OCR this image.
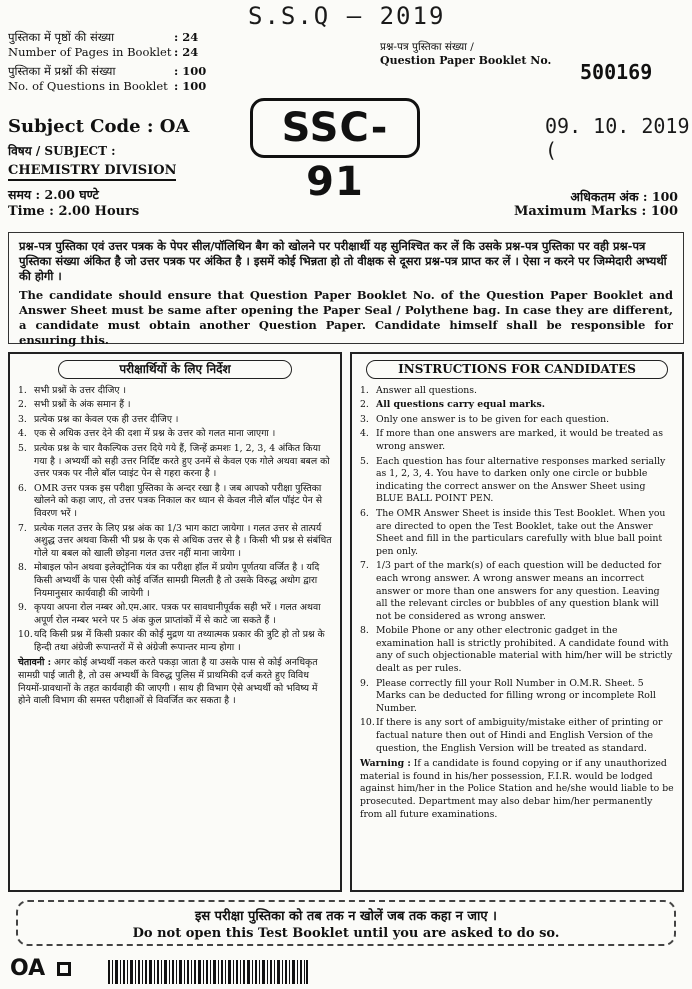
S.S.Q – 2019
09. 10. 2019 (
पुस्तिका में पृष्ठों की संख्या	: 24
Number of Pages in Booklet : 24
पुस्तिका में प्रश्नों की संख्या	: 100
No. of Questions in Booklet : 100
प्रश्न-पत्र पुस्तिका संख्या /
Question Paper Booklet No. 500169
Subject Code : OA
विषय / SUBJECT :
CHEMISTRY DIVISION
समय : 2.00 घण्टे
Time : 2.00 Hours
अधिकतम अंक : 100
Maximum Marks : 100
SSC-91
प्रश्न-पत्र पुस्तिका एवं उत्तर पत्रक के पेपर सील/पॉलिथिन बैग को खोलने पर परीक्षार्थी यह सुनिश्चित कर लें कि उसके प्रश्न-पत्र पुस्तिका पर वही प्रश्न-पत्र पुस्तिका संख्या अंकित है जो उत्तर पत्रक पर अंकित है । इसमें कोई भिन्नता हो तो वीक्षक से दूसरा प्रश्न-पत्र प्राप्त कर लें । ऐसा न करने पर जिम्मेदारी अभ्यर्थी की होगी ।
The candidate should ensure that Question Paper Booklet No. of the Question Paper Booklet and Answer Sheet must be same after opening the Paper Seal / Polythene bag. In case they are different, a candidate must obtain another Question Paper. Candidate himself shall be responsible for ensuring this.
परीक्षार्थियों के लिए निर्देश
1. सभी प्रश्नों के उत्तर दीजिए ।
2. सभी प्रश्नों के अंक समान हैं ।
3. प्रत्येक प्रश्न का केवल एक ही उत्तर दीजिए ।
4. एक से अधिक उत्तर देने की दशा में प्रश्न के उत्तर को गलत माना जाएगा ।
5. प्रत्येक प्रश्न के चार वैकल्पिक उत्तर दिये गये हैं, जिन्हें क्रमशः 1, 2, 3, 4 अंकित किया गया है । अभ्यर्थी को सही उत्तर निर्दिष्ट करते हुए उनमें से केवल एक गोले अथवा बबल को उत्तर पत्रक पर नीले बॉल प्वाइंट पेन से गहरा करना है ।
6. OMR उत्तर पत्रक इस परीक्षा पुस्तिका के अन्दर रखा है । जब आपको परीक्षा पुस्तिका खोलने को कहा जाए, तो उत्तर पत्रक निकाल कर ध्यान से केवल नीले बॉल पॉइंट पेन से विवरण भरें ।
7. प्रत्येक गलत उत्तर के लिए प्रश्न अंक का 1/3 भाग काटा जायेगा । गलत उत्तर से तात्पर्य अशुद्ध उत्तर अथवा किसी भी प्रश्न के एक से अधिक उत्तर से है । किसी भी प्रश्न से संबंधित गोले या बबल को खाली छोड़ना गलत उत्तर नहीं माना जायेगा ।
8. मोबाइल फोन अथवा इलेक्ट्रोनिक यंत्र का परीक्षा हॉल में प्रयोग पूर्णतया वर्जित है । यदि किसी अभ्यर्थी के पास ऐसी कोई वर्जित सामग्री मिलती है तो उसके विरुद्ध अधोग द्वारा नियमानुसार कार्यवाही की जायेगी ।
9. कृपया अपना रोल नम्बर ओ.एम.आर. पत्रक पर सावधानीपूर्वक सही भरें । गलत अथवा अपूर्ण रोल नम्बर भरने पर 5 अंक कुल प्राप्तांकों में से काटे जा सकते हैं ।
10. यदि किसी प्रश्न में किसी प्रकार की कोई मुद्रण या तथ्यात्मक प्रकार की त्रुटि हो तो प्रश्न के हिन्दी तथा अंग्रेजी रूपान्तरों में से अंग्रेजी रूपान्तर मान्य होगा ।
चेतावनी : अगर कोई अभ्यर्थी नकल करते पकड़ा जाता है या उसके पास से कोई अनधिकृत सामग्री पाई जाती है, तो उस अभ्यर्थी के विरुद्ध पुलिस में प्राथमिकी दर्ज करते हुए विविध नियमों-प्रावधानों के तहत कार्यवाही की जाएगी । साथ ही विभाग ऐसे अभ्यर्थी को भविष्य में होने वाली विभाग की समस्त परीक्षाओं से विवर्जित कर सकता है ।
INSTRUCTIONS FOR CANDIDATES
1. Answer all questions.
2. All questions carry equal marks.
3. Only one answer is to be given for each question.
4. If more than one answers are marked, it would be treated as wrong answer.
5. Each question has four alternative responses marked serially as 1, 2, 3, 4. You have to darken only one circle or bubble indicating the correct answer on the Answer Sheet using BLUE BALL POINT PEN.
6. The OMR Answer Sheet is inside this Test Booklet. When you are directed to open the Test Booklet, take out the Answer Sheet and fill in the particulars carefully with blue ball point pen only.
7. 1/3 part of the mark(s) of each question will be deducted for each wrong answer. A wrong answer means an incorrect answer or more than one answers for any question. Leaving all the relevant circles or bubbles of any question blank will not be considered as wrong answer.
8. Mobile Phone or any other electronic gadget in the examination hall is strictly prohibited. A candidate found with any of such objectionable material with him/her will be strictly dealt as per rules.
9. Please correctly fill your Roll Number in O.M.R. Sheet. 5 Marks can be deducted for filling wrong or incomplete Roll Number.
10. If there is any sort of ambiguity/mistake either of printing or factual nature then out of Hindi and English Version of the question, the English Version will be treated as standard.
Warning : If a candidate is found copying or if any unauthorized material is found in his/her possession, F.I.R. would be lodged against him/her in the Police Station and he/she would liable to be prosecuted. Department may also debar him/her permanently from all future examinations.
इस परीक्षा पुस्तिका को तब तक न खोलें जब तक कहा न जाए ।
Do not open this Test Booklet until you are asked to do so.
OA
